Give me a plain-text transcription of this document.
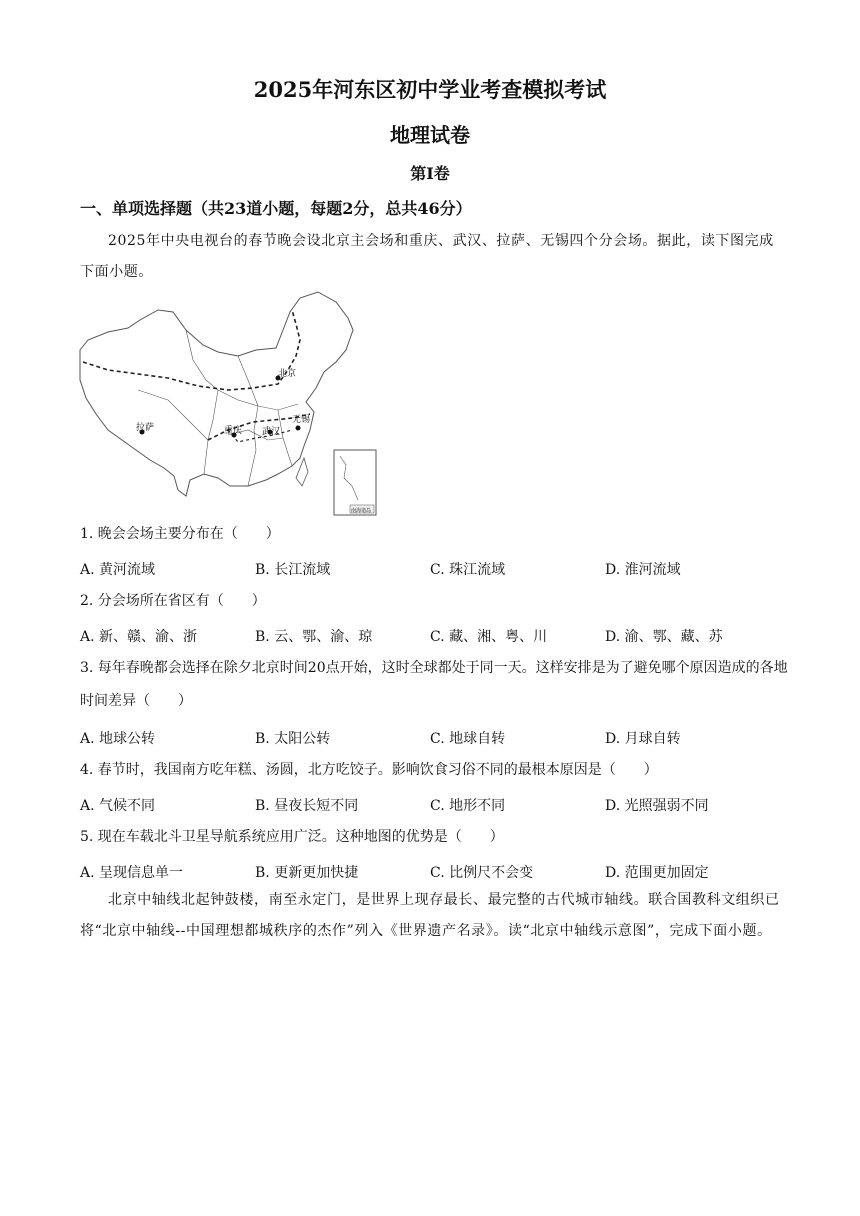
2025年河东区初中学业考查模拟考试
地理试卷
第Ⅰ卷
一、单项选择题（共23道小题，每题2分，总共46分）
2025年中央电视台的春节晚会设北京主会场和重庆、武汉、拉萨、无锡四个分会场。据此，读下图完成下面小题。
北京
拉萨	重庆 武汉
无锡
南海诸岛
1. 晚会会场主要分布在（　　）
A. 黄河流域	B. 长江流域	C. 珠江流域	D. 淮河流域
2. 分会场所在省区有（　　）
A. 新、赣、渝、浙	B. 云、鄂、渝、琼	C. 藏、湘、粤、川	D. 渝、鄂、藏、苏
3. 每年春晚都会选择在除夕北京时间20点开始，这时全球都处于同一天。这样安排是为了避免哪个原因造成的各地时间差异（　　）
A. 地球公转	B. 太阳公转	C. 地球自转	D. 月球自转
4. 春节时，我国南方吃年糕、汤圆，北方吃饺子。影响饮食习俗不同的最根本原因是（　　）
A. 气候不同	B. 昼夜长短不同	C. 地形不同	D. 光照强弱不同
5. 现在车载北斗卫星导航系统应用广泛。这种地图的优势是（　　）
A. 呈现信息单一	B. 更新更加快捷	C. 比例尺不会变	D. 范围更加固定
北京中轴线北起钟鼓楼，南至永定门，是世界上现存最长、最完整的古代城市轴线。联合国教科文组织已将“北京中轴线--中国理想都城秩序的杰作”列入《世界遗产名录》。读“北京中轴线示意图”，完成下面小题。
